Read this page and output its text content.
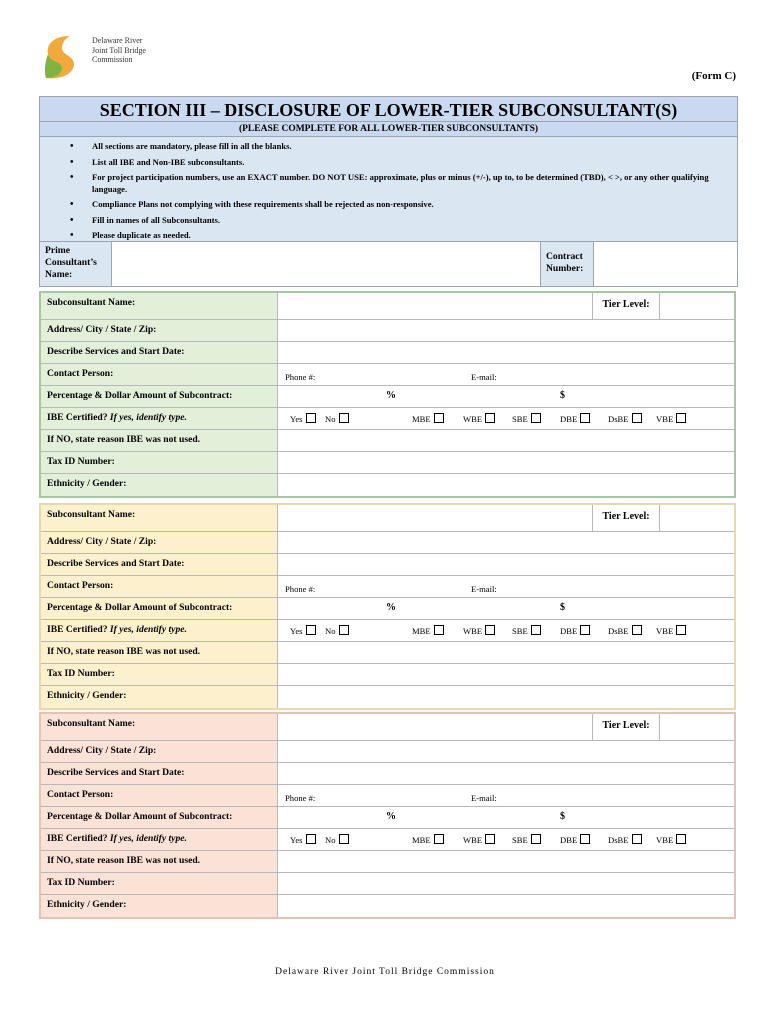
Delaware River
Joint Toll Bridge
Commission
(Form C)
SECTION III – DISCLOSURE OF LOWER-TIER SUBCONSULTANT(S)
(PLEASE COMPLETE FOR ALL LOWER-TIER SUBCONSULTANTS)
• All sections are mandatory, please fill in all the blanks.
• List all IBE and Non-IBE subconsultants.
• For project participation numbers, use an EXACT number. DO NOT USE: approximate, plus or minus (+/-), up to, to be determined (TBD), < >, or any other qualifying language.
• Compliance Plans not complying with these requirements shall be rejected as non-responsive.
• Fill in names of all Subconsultants.
• Please duplicate as needed.
Prime Consultant’s Name:
Contract Number:
Subconsultant Name:	Tier Level:
Address/ City / State / Zip:
Describe Services and Start Date:
Contact Person:	Phone #:	E-mail:
Percentage & Dollar Amount of Subcontract:	%	$
IBE Certified? If yes, identify type.	Yes	No	MBE	WBE	SBE	DBE	DsBE	VBE
If NO, state reason IBE was not used.
Tax ID Number:
Ethnicity / Gender:
Subconsultant Name:	Tier Level:
Address/ City / State / Zip:
Describe Services and Start Date:
Contact Person:	Phone #:	E-mail:
Percentage & Dollar Amount of Subcontract:	%	$
IBE Certified? If yes, identify type.	Yes	No	MBE	WBE	SBE	DBE	DsBE	VBE
If NO, state reason IBE was not used.
Tax ID Number:
Ethnicity / Gender:
Subconsultant Name:	Tier Level:
Address/ City / State / Zip:
Describe Services and Start Date:
Contact Person:	Phone #:	E-mail:
Percentage & Dollar Amount of Subcontract:	%	$
IBE Certified? If yes, identify type.	Yes	No	MBE	WBE	SBE	DBE	DsBE	VBE
If NO, state reason IBE was not used.
Tax ID Number:
Ethnicity / Gender:
Delaware River Joint Toll Bridge Commission
